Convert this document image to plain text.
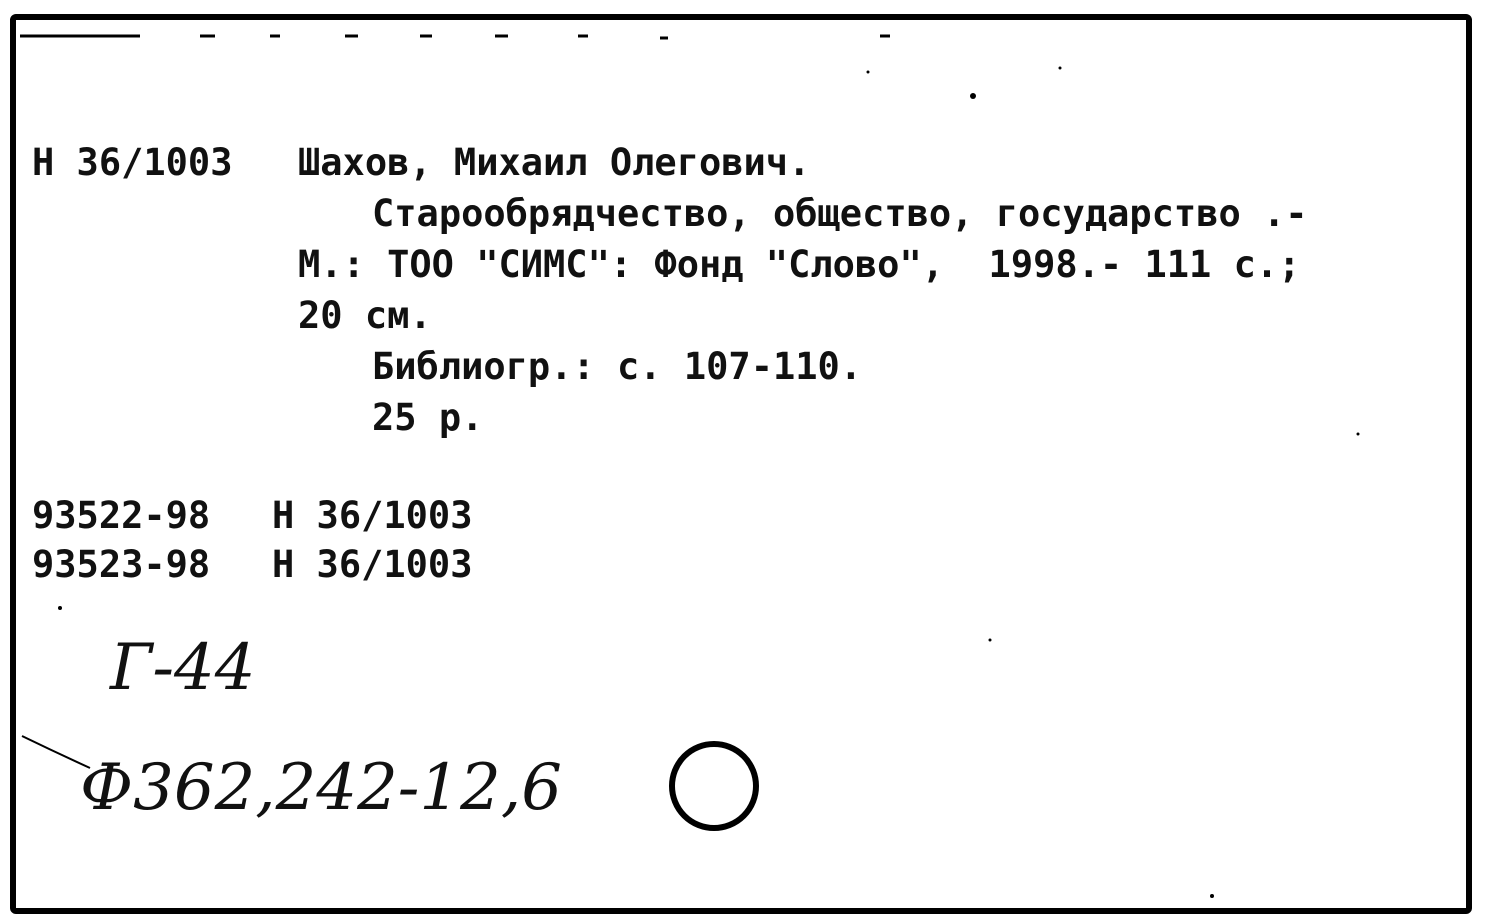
Н 36/1003 Шахов, Михаил Олегович.
Старообрядчество, общество, государство .-
М.: ТОО "СИМС": Фонд "Слово",  1998.- 111 с.;
20 см.
Библиогр.: с. 107-110.
25 р.
93522-98 Н 36/1003
93523-98 Н 36/1003
Г-44
Ф362,242-12,6
